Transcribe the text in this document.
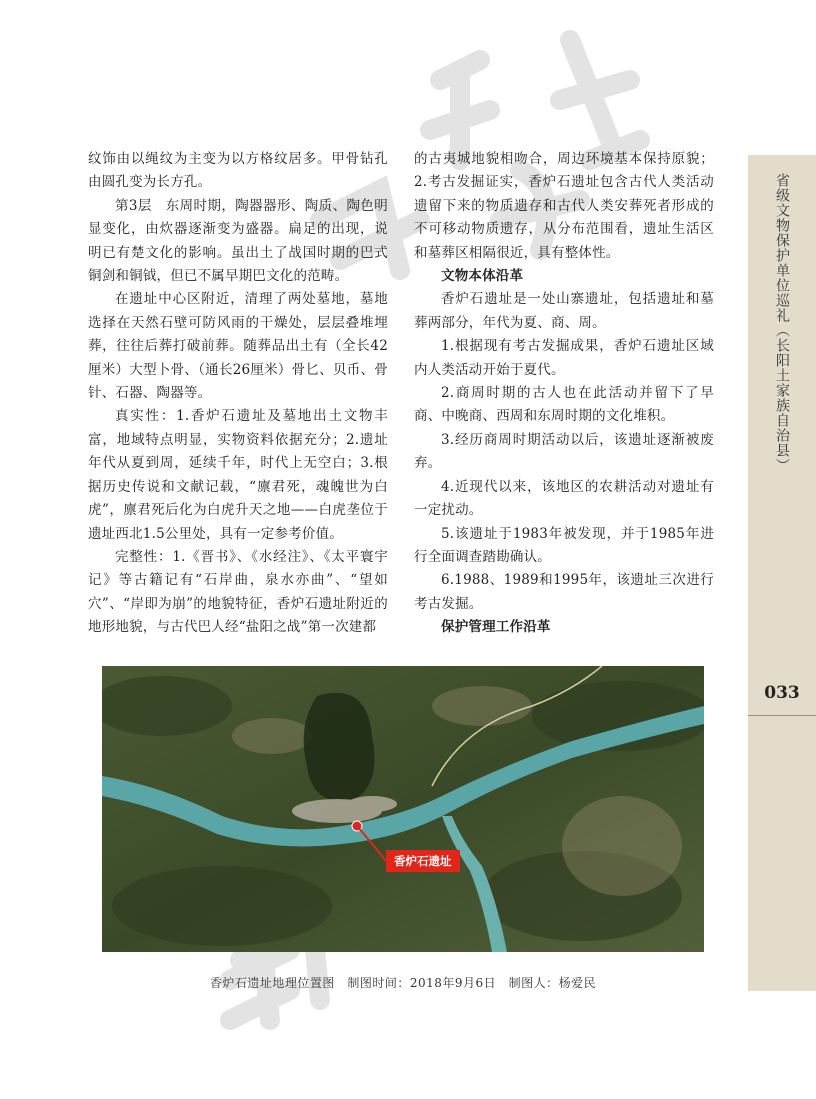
纹饰由以绳纹为主变为以方格纹居多。甲骨钻孔由圆孔变为长方孔。

第3层　东周时期，陶器器形、陶质、陶色明显变化，由炊器逐渐变为盛器。扁足的出现，说明已有楚文化的影响。虽出土了战国时期的巴式铜剑和铜钺，但已不属早期巴文化的范畴。

在遗址中心区附近，清理了两处墓地，墓地选择在天然石壁可防风雨的干燥处，层层叠堆埋葬，往往后葬打破前葬。随葬品出土有（全长42厘米）大型卜骨、（通长26厘米）骨匕、贝币、骨针、石器、陶器等。

真实性：1.香炉石遗址及墓地出土文物丰富，地域特点明显，实物资料依据充分；2.遗址年代从夏到周，延续千年，时代上无空白；3.根据历史传说和文献记载，“廪君死，魂魄世为白虎”，廪君死后化为白虎升天之地——白虎垄位于遗址西北1.5公里处，具有一定参考价值。

完整性：1.《晋书》、《水经注》、《太平寰宇记》等古籍记有“石岸曲，泉水亦曲”、“望如穴”、“岸即为崩”的地貌特征，香炉石遗址附近的地形地貌，与古代巴人经“盐阳之战”第一次建都

的古夷城地貌相吻合，周边环境基本保持原貌；2.考古发掘证实，香炉石遗址包含古代人类活动遗留下来的物质遗存和古代人类安葬死者形成的不可移动物质遗存，从分布范围看，遗址生活区和墓葬区相隔很近，具有整体性。

文物本体沿革

香炉石遗址是一处山寨遗址，包括遗址和墓葬两部分，年代为夏、商、周。

1.根据现有考古发掘成果，香炉石遗址区域内人类活动开始于夏代。

2.商周时期的古人也在此活动并留下了早商、中晚商、西周和东周时期的文化堆积。

3.经历商周时期活动以后，该遗址逐渐被废弃。

4.近现代以来，该地区的农耕活动对遗址有一定扰动。

5.该遗址于1983年被发现，并于1985年进行全面调查踏勘确认。

6.1988、1989和1995年，该遗址三次进行考古发掘。

保护管理工作沿革

省级文物保护单位巡礼（长阳土家族自治县）
033
香炉石遗址
香炉石遗址地理位置图　制图时间：2018年9月6日　制图人：杨爱民
